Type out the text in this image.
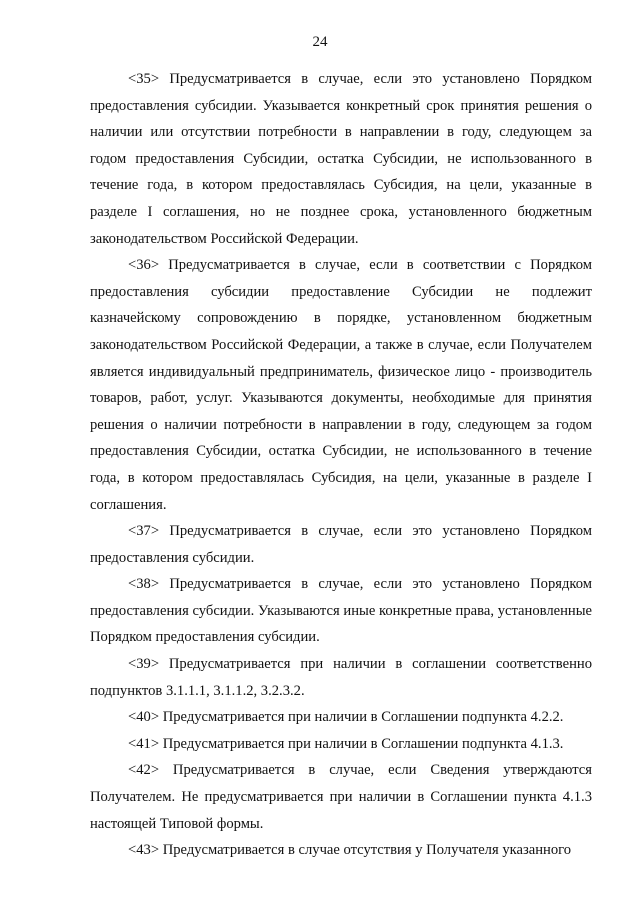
24

<35> Предусматривается в случае, если это установлено Порядком предоставления субсидии. Указывается конкретный срок принятия решения о наличии или отсутствии потребности в направлении в году, следующем за годом предоставления Субсидии, остатка Субсидии, не использованного в течение года, в котором предоставлялась Субсидия, на цели, указанные в разделе I соглашения, но не позднее срока, установленного бюджетным законодательством Российской Федерации.

<36> Предусматривается в случае, если в соответствии с Порядком предоставления субсидии предоставление Субсидии не подлежит казначейскому сопровождению в порядке, установленном бюджетным законодательством Российской Федерации, а также в случае, если Получателем является индивидуальный предприниматель, физическое лицо - производитель товаров, работ, услуг. Указываются документы, необходимые для принятия решения о наличии потребности в направлении в году, следующем за годом предоставления Субсидии, остатка Субсидии, не использованного в течение года, в котором предоставлялась Субсидия, на цели, указанные в разделе I соглашения.

<37> Предусматривается в случае, если это установлено Порядком предоставления субсидии.

<38> Предусматривается в случае, если это установлено Порядком предоставления субсидии. Указываются иные конкретные права, установленные Порядком предоставления субсидии.

<39> Предусматривается при наличии в соглашении соответственно подпунктов 3.1.1.1, 3.1.1.2, 3.2.3.2.

<40> Предусматривается при наличии в Соглашении подпункта 4.2.2.

<41> Предусматривается при наличии в Соглашении подпункта 4.1.3.

<42> Предусматривается в случае, если Сведения утверждаются Получателем. Не предусматривается при наличии в Соглашении пункта 4.1.3 настоящей Типовой формы.

<43> Предусматривается в случае отсутствия у Получателя указанного
